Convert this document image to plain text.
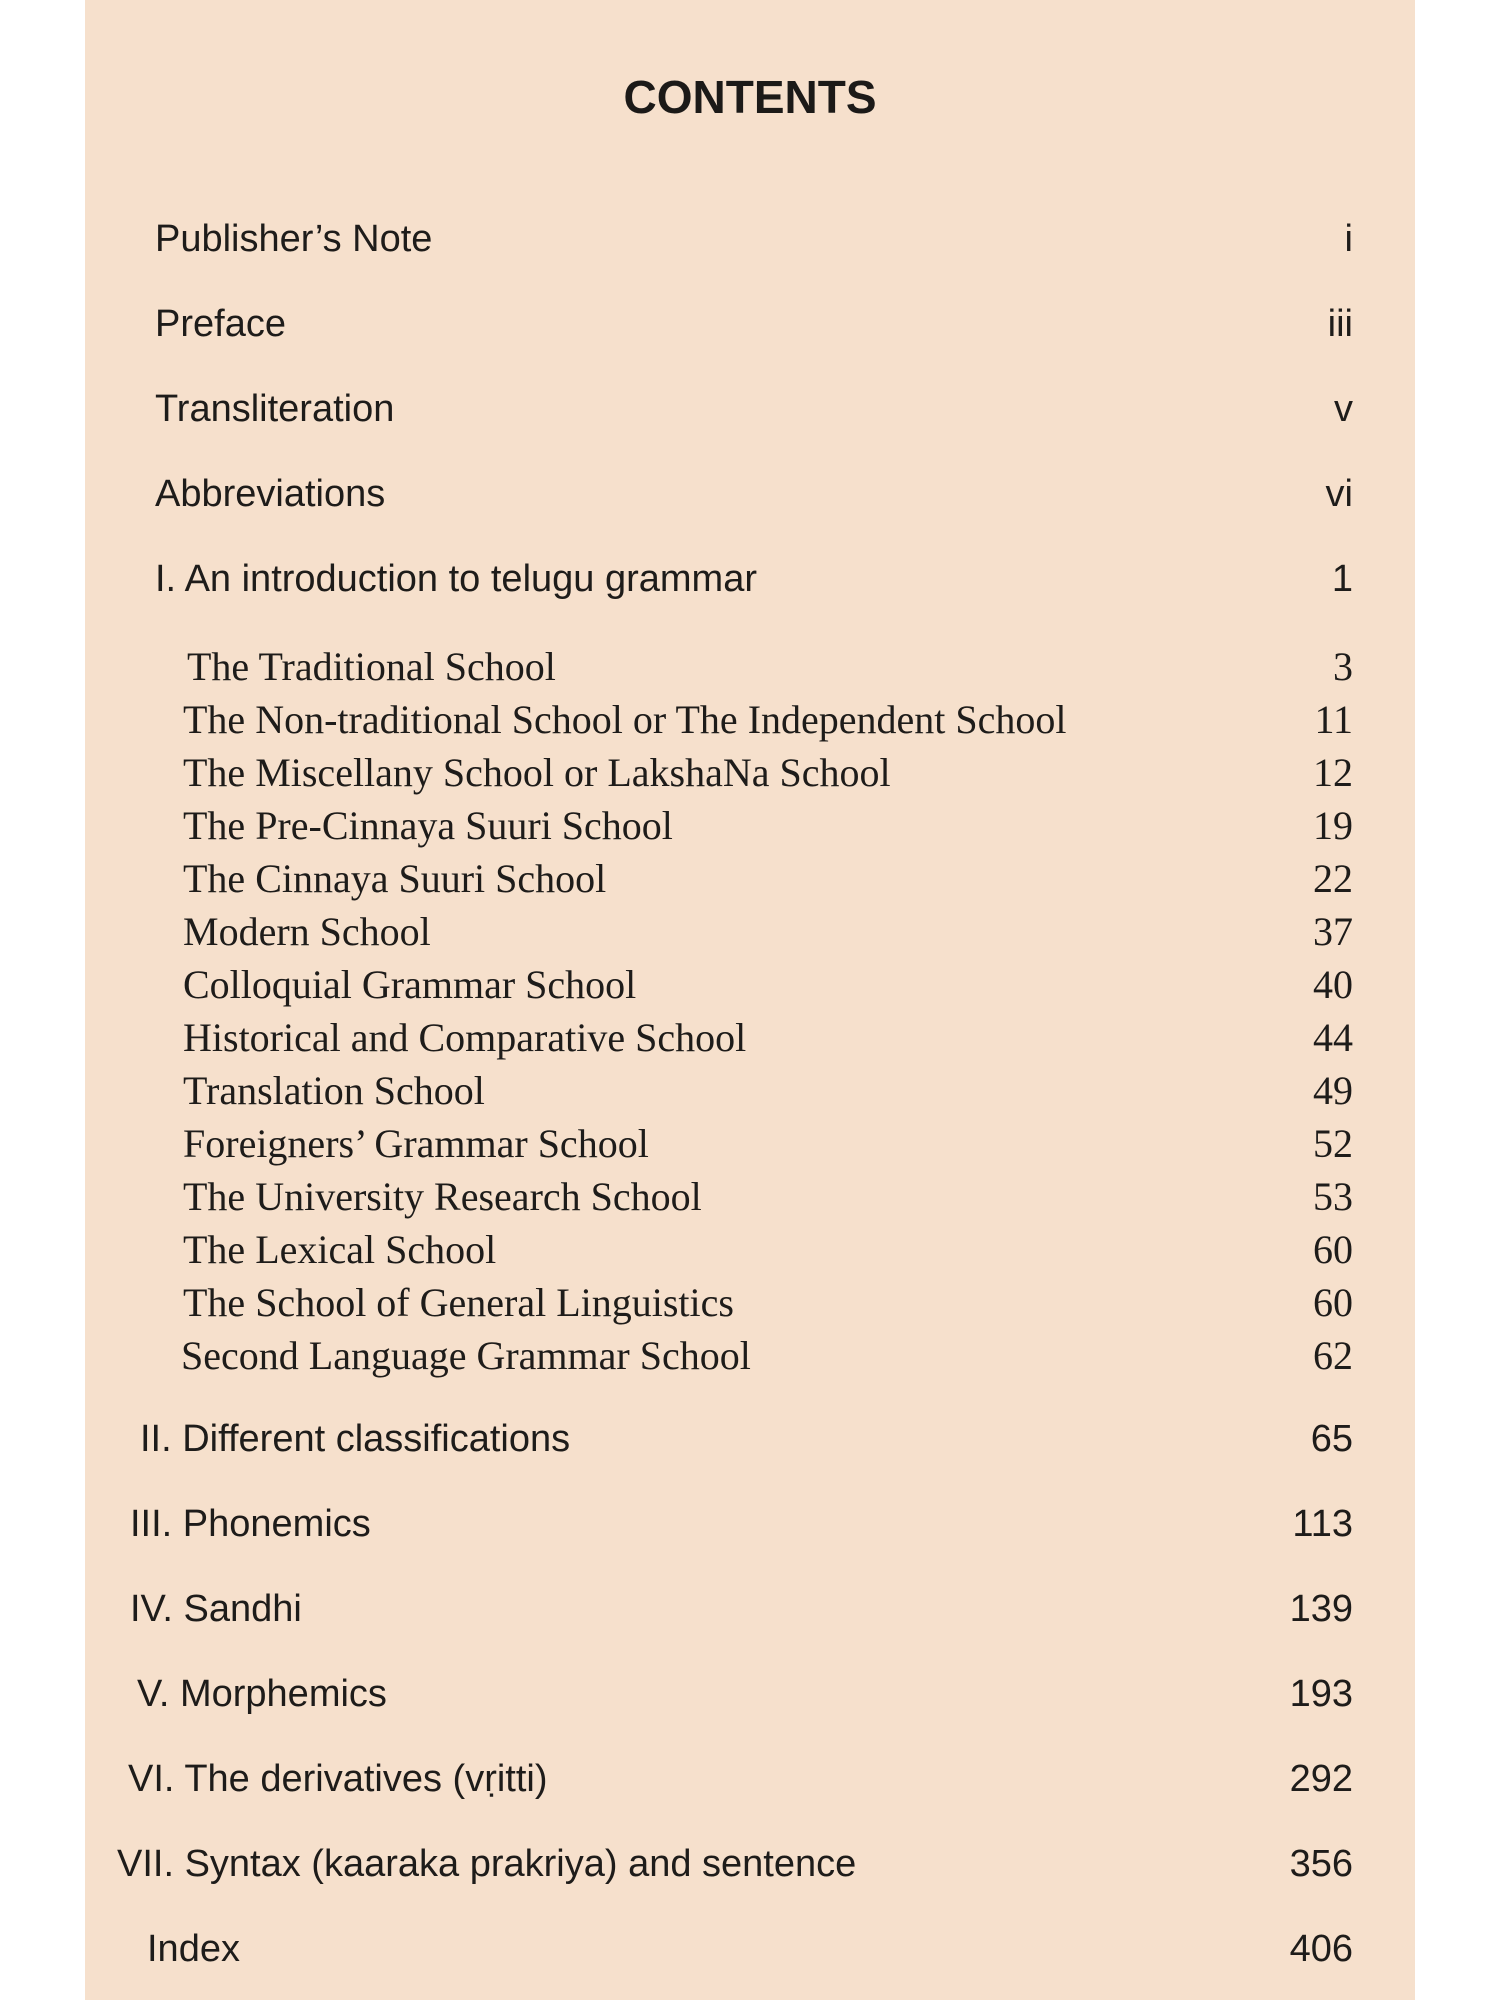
CONTENTS
Publisher’s Note	i
Preface	iii
Transliteration	v
Abbreviations	vi
I. An introduction to telugu grammar	1
The Traditional School	3
The Non-traditional School or The Independent School	11
The Miscellany School or LakshaNa School	12
The Pre-Cinnaya Suuri School	19
The Cinnaya Suuri School	22
Modern School	37
Colloquial Grammar School	40
Historical and Comparative School	44
Translation School	49
Foreigners’ Grammar School	52
The University Research School	53
The Lexical School	60
The School of General Linguistics	60
Second Language Grammar School	62
II. Different classifications	65
III. Phonemics	113
IV. Sandhi	139
V. Morphemics	193
VI. The derivatives (vṛitti)	292
VII. Syntax (kaaraka prakriya) and sentence	356
Index	406
